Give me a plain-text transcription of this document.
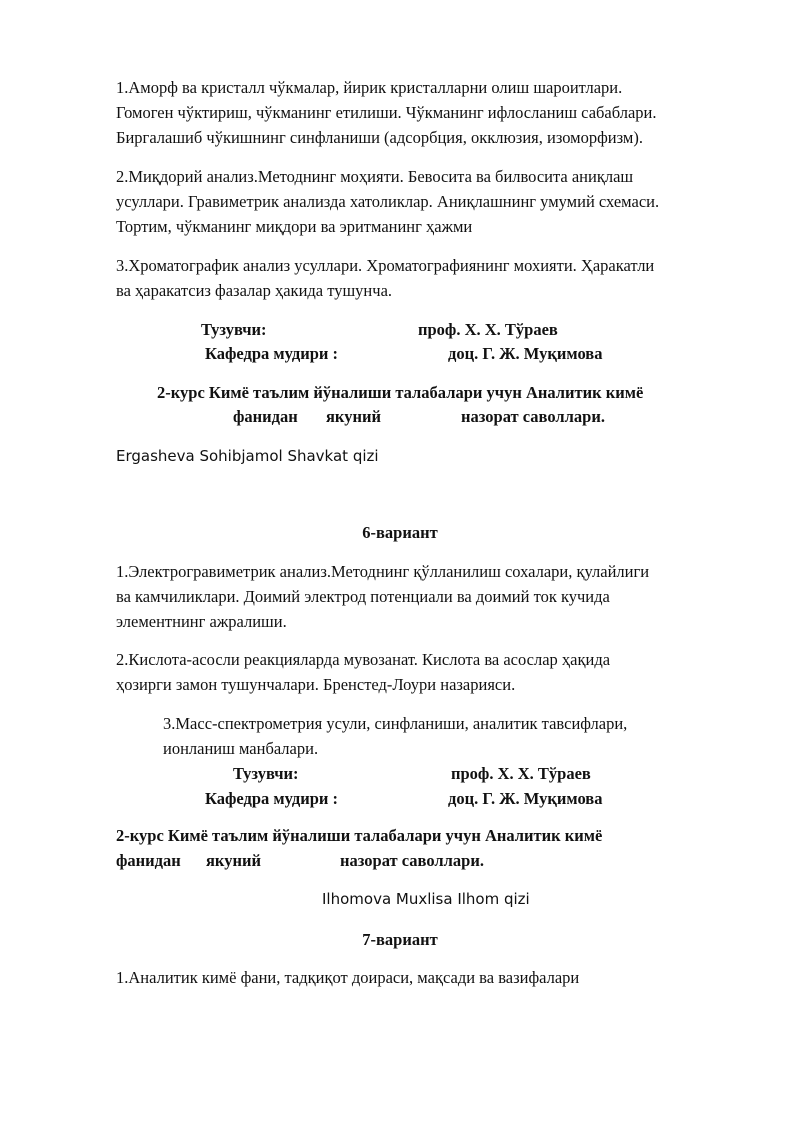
1.Аморф ва кристалл чўкмалар, йирик кристалларни олиш шароитлари.
Гомоген чўктириш, чўкманинг етилиши. Чўкманинг ифлосланиш сабаблари.
Биргалашиб чўкишнинг синфланиши (адсорбция, окклюзия, изоморфизм).
2.Миқдорий анализ.Методнинг моҳияти. Бевосита ва билвосита аниқлаш
усуллари. Гравиметрик анализда хатоликлар. Аниқлашнинг умумий схемаси.
Тортим, чўкманинг миқдори ва эритманинг ҳажми
3.Хроматографик анализ усуллари. Хроматографиянинг мохияти. Ҳаракатли
ва ҳаракатсиз фазалар ҳакида тушунча.
Тузувчи:	проф. Х. Х. Тўраев
Кафедра мудири :	доц. Г. Ж. Муқимова
2-курс Кимё таълим йўналиши талабалари учун Аналитик кимё
фанидан якуний	назорат саволлари.
Ergasheva Sohibjamol Shavkat qizi
6-вариант
1.Электрогравиметрик анализ.Методнинг қўлланилиш сохалари, қулайлиги
ва камчиликлари. Доимий электрод потенциали ва доимий ток кучида
элементнинг ажралиши.
2.Кислота-асосли реакцияларда мувозанат. Кислота ва асослар ҳақида
ҳозирги замон тушунчалари. Бренстед-Лоури назарияси.
3.Масс-спектрометрия усули, синфланиши, аналитик тавсифлари,
ионланиш манбалари.
Тузувчи:	проф. Х. Х. Тўраев
Кафедра мудири :	доц. Г. Ж. Муқимова
2-курс Кимё таълим йўналиши талабалари учун Аналитик кимё
фанидан якуний	назорат саволлари.
Ilhomova Muxlisa Ilhom qizi
7-вариант
1.Аналитик кимё фани, тадқиқот доираси, мақсади ва вазифалари
